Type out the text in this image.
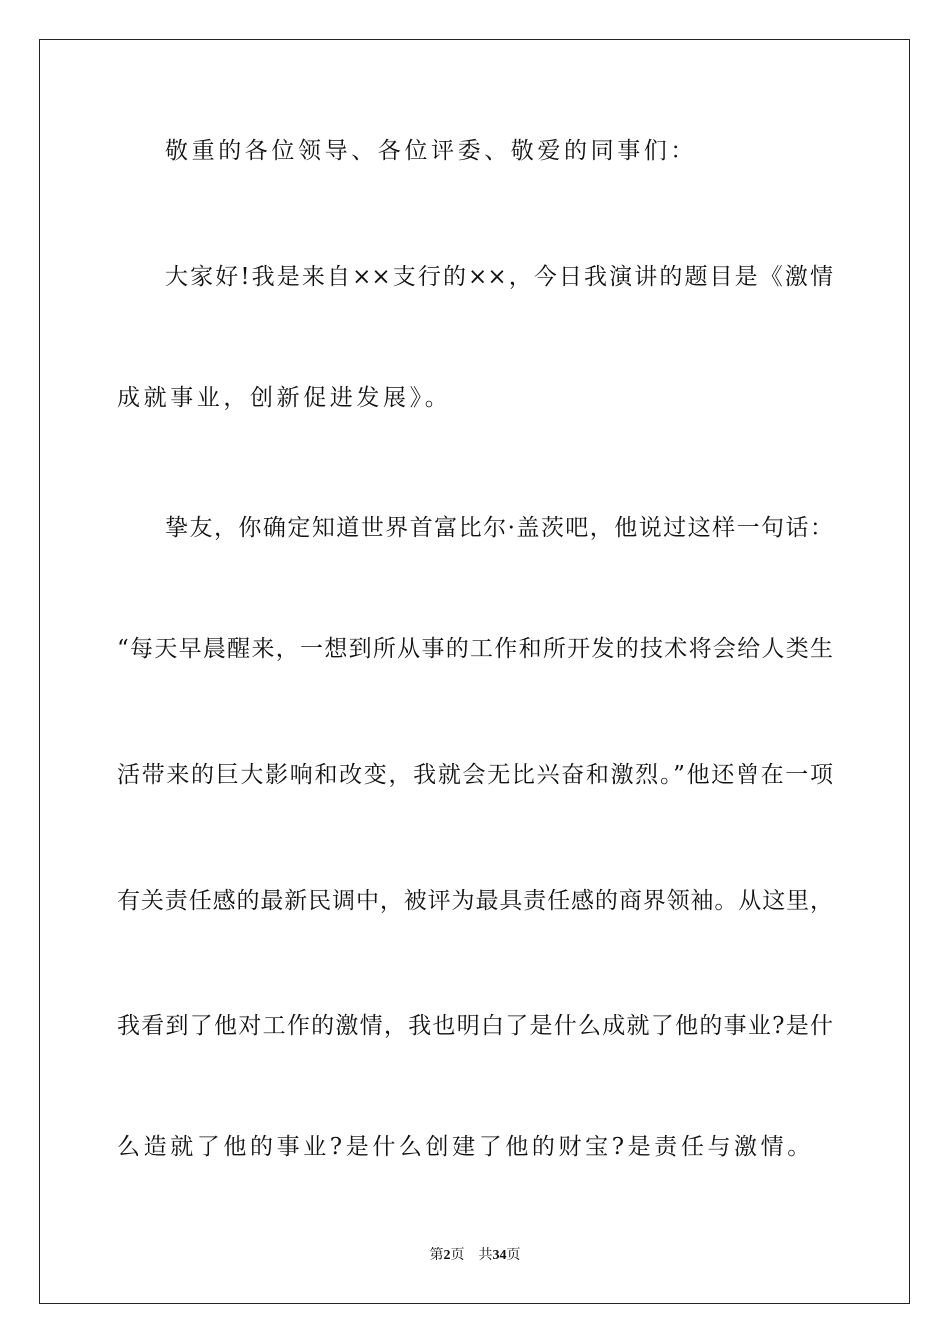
敬重的各位领导、各位评委、敬爱的同事们：
大家好!我是来自××支行的××，今日我演讲的题目是《激情
成就事业，创新促进发展》。
挚友，你确定知道世界首富比尔·盖茨吧，他说过这样一句话：
“每天早晨醒来，一想到所从事的工作和所开发的技术将会给人类生
活带来的巨大影响和改变，我就会无比兴奋和激烈。”他还曾在一项
有关责任感的最新民调中，被评为最具责任感的商界领袖。从这里，
我看到了他对工作的激情，我也明白了是什么成就了他的事业?是什
么造就了他的事业?是什么创建了他的财宝?是责任与激情。
第2页 共34页
